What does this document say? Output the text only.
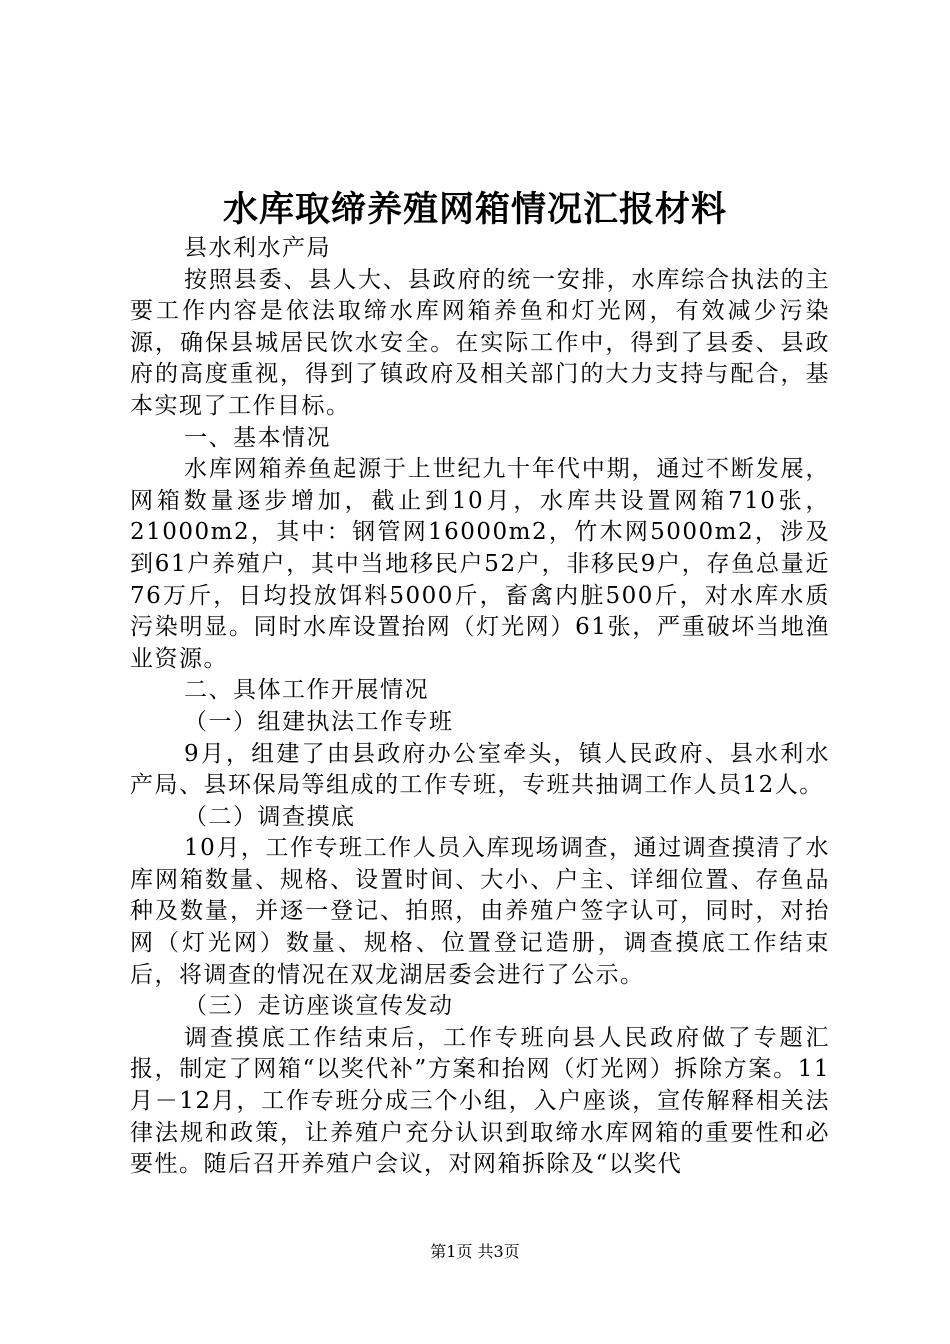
水库取缔养殖网箱情况汇报材料

县水利水产局

按照县委、县人大、县政府的统一安排，水库综合执法的主要工作内容是依法取缔水库网箱养鱼和灯光网，有效减少污染源，确保县城居民饮水安全。在实际工作中，得到了县委、县政府的高度重视，得到了镇政府及相关部门的大力支持与配合，基本实现了工作目标。

一、基本情况

水库网箱养鱼起源于上世纪九十年代中期，通过不断发展，网箱数量逐步增加，截止到10月，水库共设置网箱710张，21000m2，其中：钢管网16000m2，竹木网5000m2，涉及到61户养殖户，其中当地移民户52户，非移民9户，存鱼总量近76万斤，日均投放饵料5000斤，畜禽内脏500斤，对水库水质污染明显。同时水库设置抬网（灯光网）61张，严重破坏当地渔业资源。

二、具体工作开展情况

（一）组建执法工作专班

9月，组建了由县政府办公室牵头，镇人民政府、县水利水产局、县环保局等组成的工作专班，专班共抽调工作人员12人。

（二）调查摸底

10月，工作专班工作人员入库现场调查，通过调查摸清了水库网箱数量、规格、设置时间、大小、户主、详细位置、存鱼品种及数量，并逐一登记、拍照，由养殖户签字认可，同时，对抬网（灯光网）数量、规格、位置登记造册，调查摸底工作结束后，将调查的情况在双龙湖居委会进行了公示。

（三）走访座谈宣传发动

调查摸底工作结束后，工作专班向县人民政府做了专题汇报，制定了网箱“以奖代补”方案和抬网（灯光网）拆除方案。11月－12月，工作专班分成三个小组，入户座谈，宣传解释相关法律法规和政策，让养殖户充分认识到取缔水库网箱的重要性和必要性。随后召开养殖户会议，对网箱拆除及“以奖代

第1页 共3页
